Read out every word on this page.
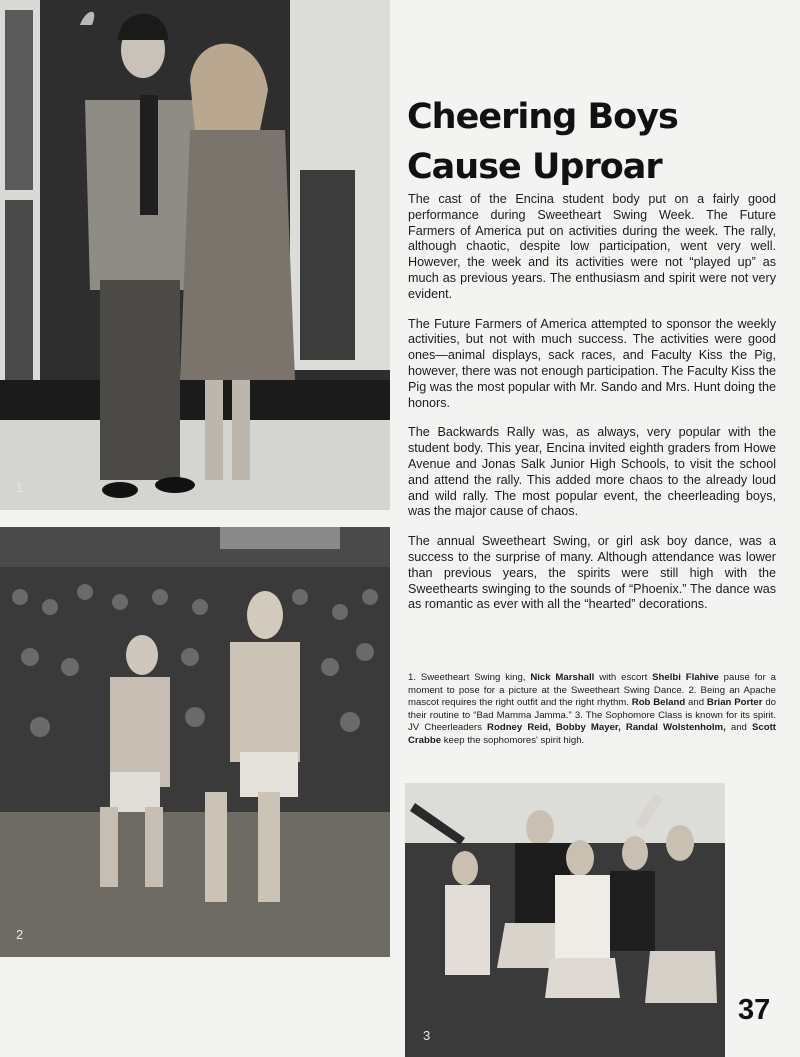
1
2
3
Cheering Boys
Cause Uproar

The cast of the Encina student body put on a fairly good performance during Sweetheart Swing Week. The Future Farmers of America put on activities during the week. The rally, although chaotic, despite low participation, went very well. However, the week and its activities were not “played up” as much as previous years. The enthusiasm and spirit were not very evident.

The Future Farmers of America attempted to sponsor the weekly activities, but not with much success. The activities were good ones—animal displays, sack races, and Faculty Kiss the Pig, however, there was not enough participation. The Faculty Kiss the Pig was the most popular with Mr. Sando and Mrs. Hunt doing the honors.

The Backwards Rally was, as always, very popular with the student body. This year, Encina invited eighth graders from Howe Avenue and Jonas Salk Junior High Schools, to visit the school and attend the rally. This added more chaos to the already loud and wild rally. The most popular event, the cheerleading boys, was the major cause of chaos.

The annual Sweetheart Swing, or girl ask boy dance, was a success to the surprise of many. Although attendance was lower than previous years, the spirits were still high with the Sweethearts swinging to the sounds of “Phoenix.” The dance was as romantic as ever with all the “hearted” decorations.

1. Sweetheart Swing king, Nick Marshall with escort Shelbi Flahive pause for a moment to pose for a picture at the Sweetheart Swing Dance. 2. Being an Apache mascot requires the right outfit and the right rhythm. Rob Beland and Brian Porter do their routine to “Bad Mamma Jamma.” 3. The Sophomore Class is known for its spirit. JV Cheerleaders Rodney Reid, Bobby Mayer, Randal Wolstenholm, and Scott Crabbe keep the sophomores' spirit high.
37
